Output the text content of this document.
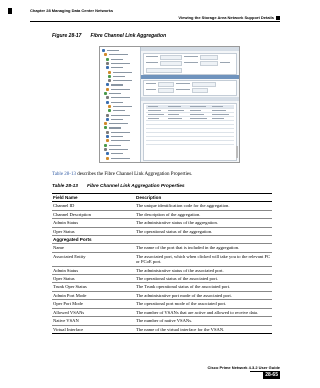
Chapter 28 Managing Data Center Networks
Viewing the Storage Area Network Support Details
Figure 28-17 Fibre Channel Link Aggregation
Table 28-13 describes the Fibre Channel Link Aggregation Properties.
Table 28-13 Fibre Channel Link Aggregation Properties
Field Name	Description
Channel ID	The unique identification code for the aggregation.
Channel Description	The description of the aggregation.
Admin Status	The administrative status of the aggregation.
Oper Status	The operational status of the aggregation.
Aggregated Ports	
Name	The name of the port that is included in the aggregation.
Associated Entity	The associated port, which when clicked will take you to the relevant FC or FCoE port.
Admin Status	The administrative status of the associated port.
Oper Status	The operational status of the associated port.
Trunk Oper Status	The Trunk operational status of the associated port.
Admin Port Mode	The administrative port mode of the associated port.
Oper Port Mode	The operational port mode of the associated port.
Allowed VSANs	The number of VSANs that are active and allowed to receive data.
Native VSAN	The number of native VSANs.
Virtual Interface	The name of the virtual interface for the VSAN.
Cisco Prime Network 4.3.2 User Guide
28-65
